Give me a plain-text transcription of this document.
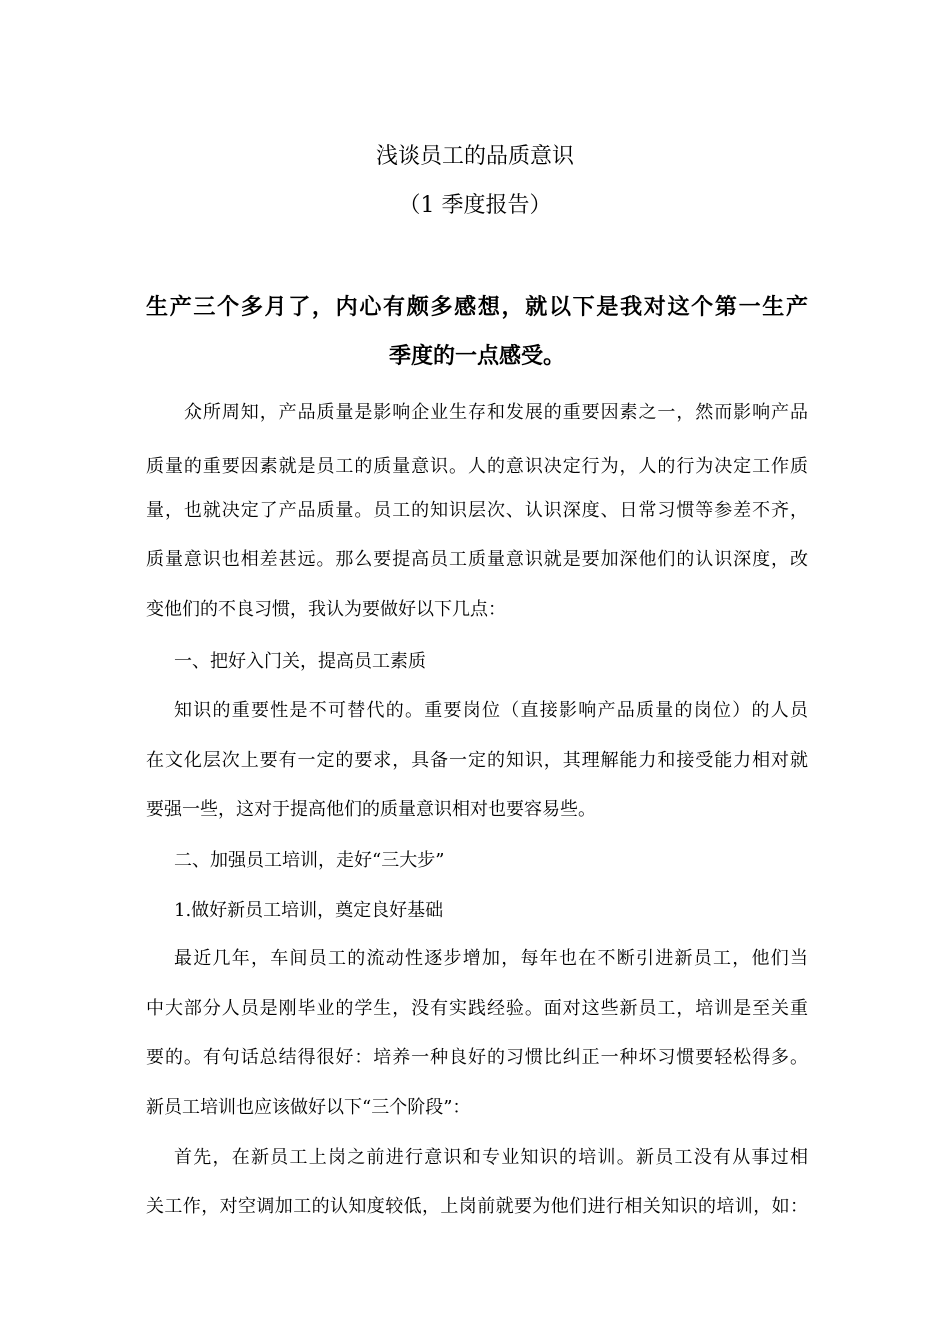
浅谈员工的品质意识
（1 季度报告）

生产三个多月了，内心有颇多感想，就以下是我对这个第一生产

季度的一点感受。

众所周知，产品质量是影响企业生存和发展的重要因素之一，然而影响产品

质量的重要因素就是员工的质量意识。人的意识决定行为，人的行为决定工作质

量，也就决定了产品质量。员工的知识层次、认识深度、日常习惯等参差不齐，

质量意识也相差甚远。那么要提高员工质量意识就是要加深他们的认识深度，改

变他们的不良习惯，我认为要做好以下几点：

一、把好入门关，提高员工素质

知识的重要性是不可替代的。重要岗位（直接影响产品质量的岗位）的人员

在文化层次上要有一定的要求，具备一定的知识，其理解能力和接受能力相对就

要强一些，这对于提高他们的质量意识相对也要容易些。

二、加强员工培训，走好“三大步”

1.做好新员工培训，奠定良好基础

最近几年，车间员工的流动性逐步增加，每年也在不断引进新员工，他们当

中大部分人员是刚毕业的学生，没有实践经验。面对这些新员工，培训是至关重

要的。有句话总结得很好：培养一种良好的习惯比纠正一种坏习惯要轻松得多。

新员工培训也应该做好以下“三个阶段”：

首先，在新员工上岗之前进行意识和专业知识的培训。新员工没有从事过相

关工作，对空调加工的认知度较低，上岗前就要为他们进行相关知识的培训，如：
